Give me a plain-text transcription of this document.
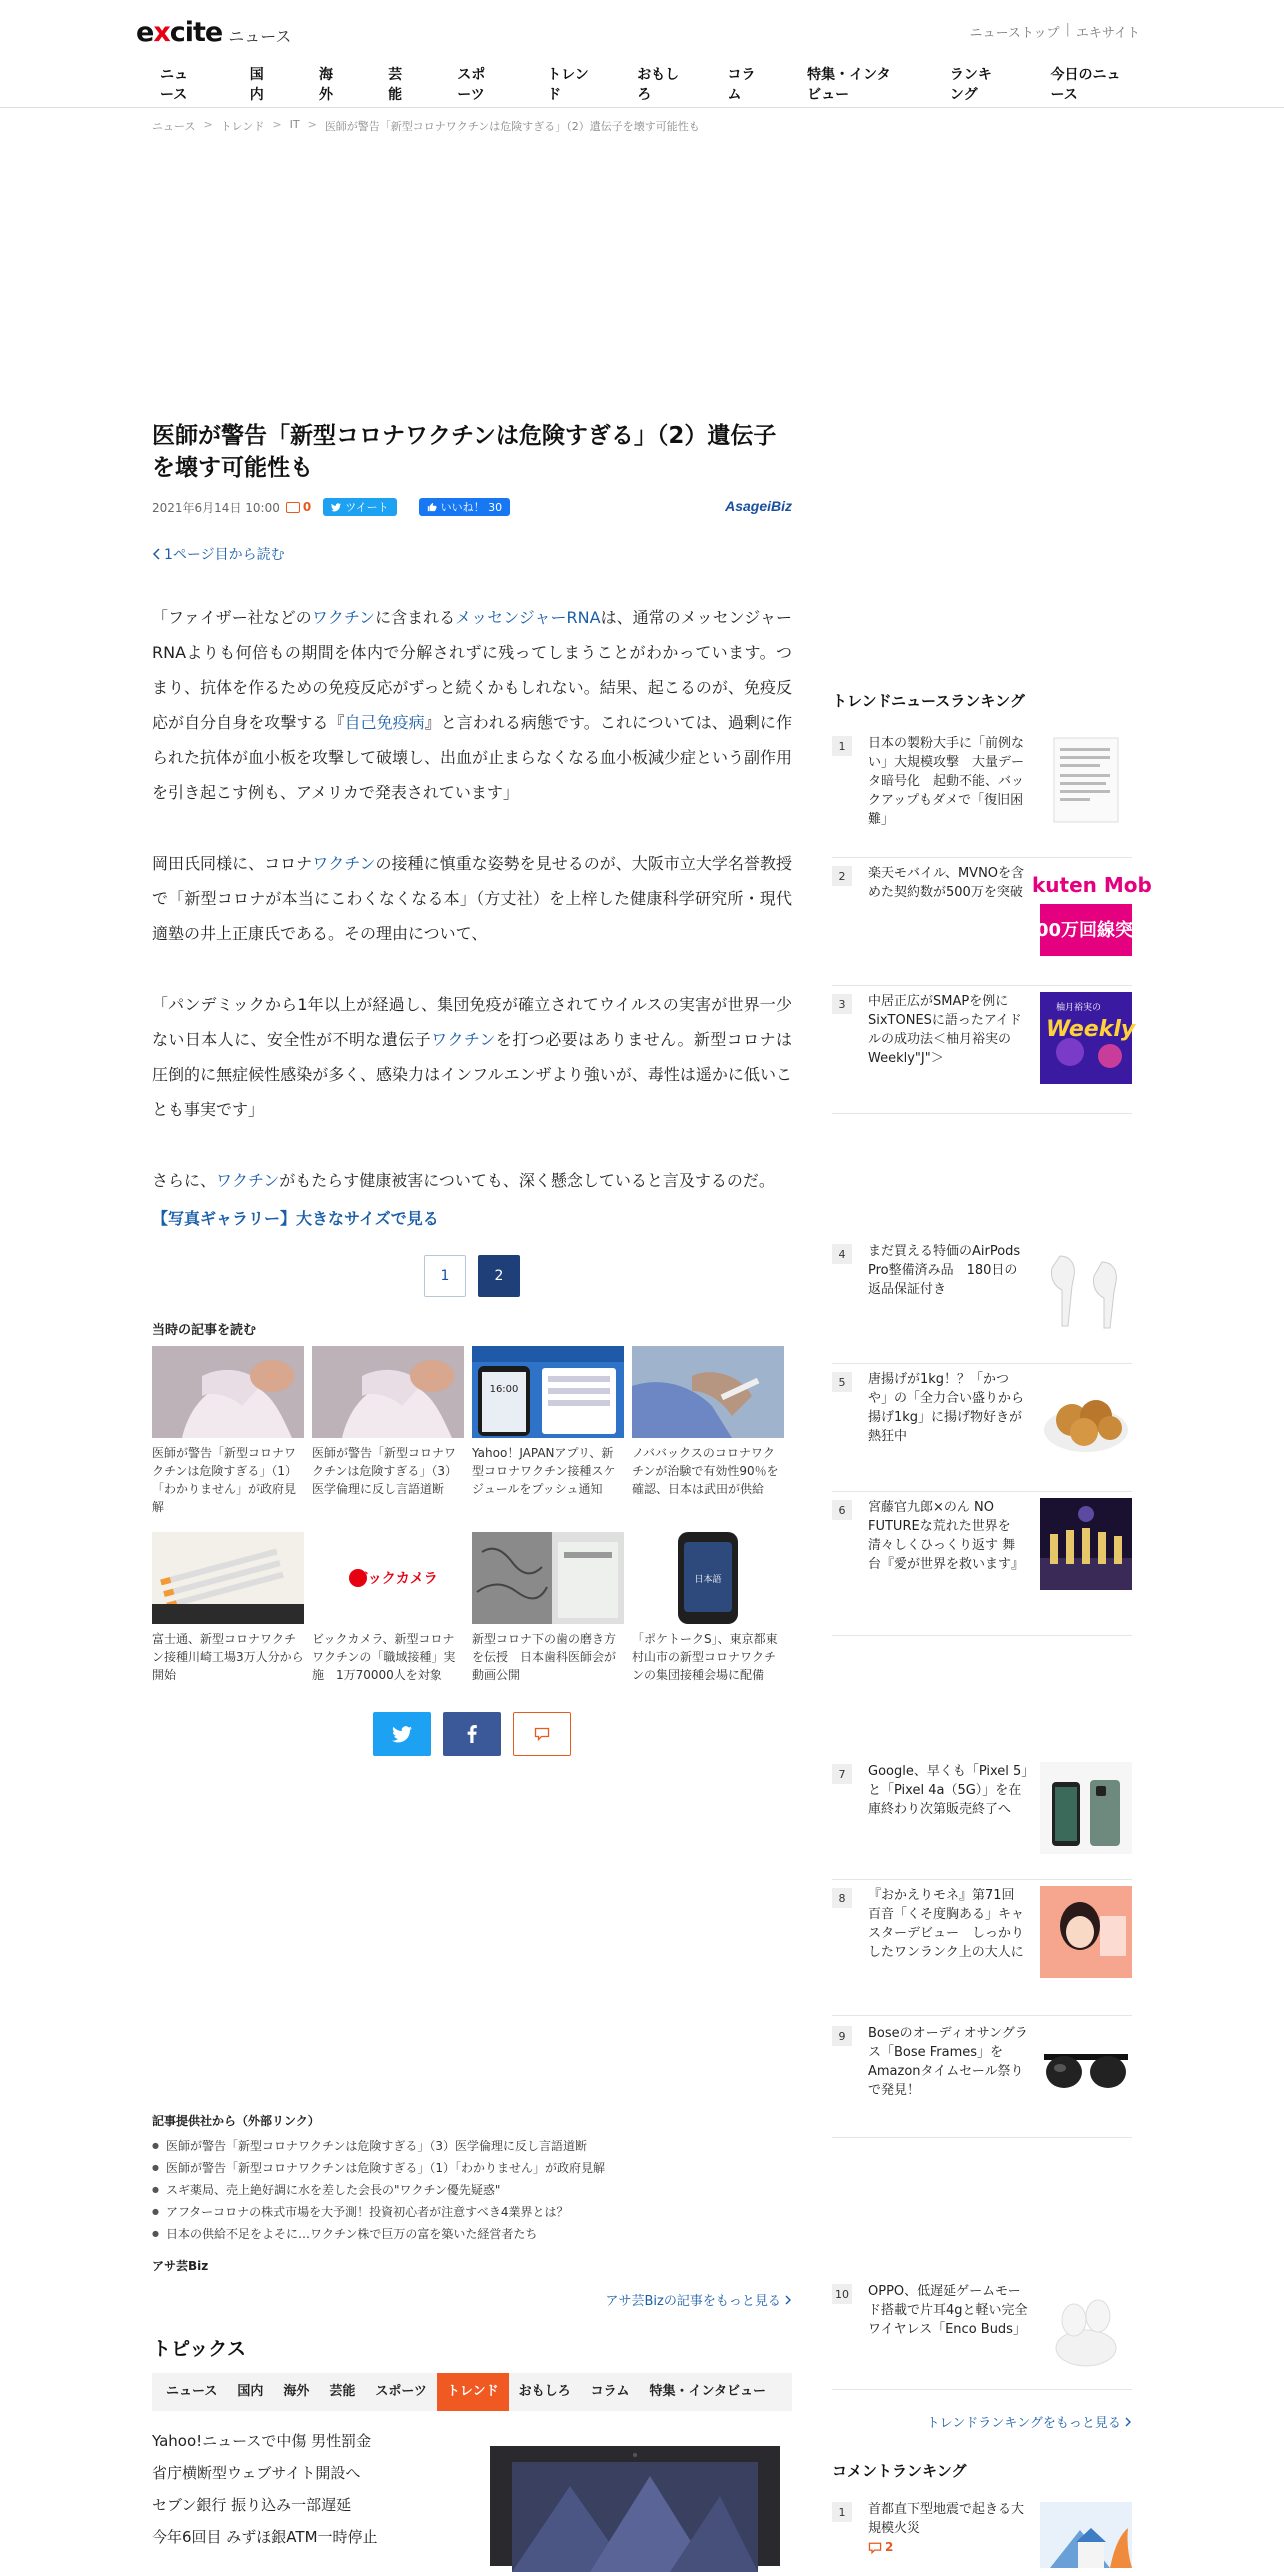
excite ニュース	ニューストップ | エキサイト
ニュース
国内
海外
芸能
スポーツ
トレンド
おもしろ
コラム
特集・インタビュー
ランキング
今日のニュース
ニュース > トレンド > IT > 医師が警告「新型コロナワクチンは危険すぎる」（2）遺伝子を壊す可能性も
医師が警告「新型コロナワクチンは危険すぎる」（2）遺伝子を壊す可能性も
2021年6月14日 10:00 0	ツイート	いいね！ 30	AsageiBiz
1ページ目から読む

「ファイザー社などのワクチンに含まれるメッセンジャーRNAは、通常のメッセンジャーRNAよりも何倍もの期間を体内で分解されずに残ってしまうことがわかっています。つまり、抗体を作るための免疫反応がずっと続くかもしれない。結果、起こるのが、免疫反応が自分自身を攻撃する『自己免疫病』と言われる病態です。これについては、過剰に作られた抗体が血小板を攻撃して破壊し、出血が止まらなくなる血小板減少症という副作用を引き起こす例も、アメリカで発表されています」

岡田氏同様に、コロナワクチンの接種に慎重な姿勢を見せるのが、大阪市立大学名誉教授で「新型コロナが本当にこわくなくなる本」（方丈社）を上梓した健康科学研究所・現代適塾の井上正康氏である。その理由について、

「パンデミックから1年以上が経過し、集団免疫が確立されてウイルスの実害が世界一少ない日本人に、安全性が不明な遺伝子ワクチンを打つ必要はありません。新型コロナは圧倒的に無症候性感染が多く、感染力はインフルエンザより強いが、毒性は遥かに低いことも事実です」

さらに、ワクチンがもたらす健康被害についても、深く懸念していると言及するのだ。

【写真ギャラリー】大きなサイズで見る
1	2
当時の記事を読む
医師が警告「新型コロナワクチンは危険すぎる」（1）「わかりません」が政府見解
医師が警告「新型コロナワクチンは危険すぎる」（3）医学倫理に反し言語道断
16:00
Yahoo！JAPANアプリ、新型コロナワクチン接種スケジュールをプッシュ通知
ノババックスのコロナワクチンが治験で有効性90％を確認、日本は武田が供給
富士通、新型コロナワクチン接種川崎工場3万人分から開始
ビックカメラ
ビックカメラ、新型コロナワクチンの「職域接種」実施　1万70000人を対象
新型コロナ下の歯の磨き方を伝授　日本歯科医師会が動画公開
日本語
「ポケトークS」、東京都東村山市の新型コロナワクチンの集団接種会場に配備
記事提供社から（外部リンク）
● 医師が警告「新型コロナワクチンは危険すぎる」（3）医学倫理に反し言語道断
● 医師が警告「新型コロナワクチンは危険すぎる」（1）「わかりません」が政府見解
● スギ薬局、売上絶好調に水を差した会長の"ワクチン優先疑惑"
● アフターコロナの株式市場を大予測！投資初心者が注意すべき4業界とは？
● 日本の供給不足をよそに…ワクチン株で巨万の富を築いた経営者たち
アサ芸Biz
アサ芸Bizの記事をもっと見る
トピックス
ニュース	国内	海外	芸能	スポーツ	トレンド	おもしろ	コラム	特集・インタビュー
Yahoo!ニュースで中傷 男性罰金
省庁横断型ウェブサイト開設へ
セブン銀行 振り込み一部遅延
今年6回目 みずほ銀ATM一時停止
トレンドニュースランキング
1	日本の製粉大手に「前例ない」大規模攻撃　大量データ暗号化　起動不能、バックアップもダメで「復旧困難」
2	楽天モバイル、MVNOを含めた契約数が500万を突破 kuten Mob
00万回線突破
3	中居正広がSMAPを例にSixTONESに語ったアイドルの成功法＜柚月裕実のWeekly"J"＞
柚月裕実の
Weekly
4	まだ買える特価のAirPods Pro整備済み品　180日の返品保証付き
5	唐揚げが1kg！？「かつや」の「全力合い盛りから揚げ1kg」に揚げ物好きが熱狂中
6	宮藤官九郎×のん NO FUTUREな荒れた世界を清々しくひっくり返す 舞台『愛が世界を救います』
7	Google、早くも「Pixel 5」と「Pixel 4a（5G）」を在庫終わり次第販売終了へ
8	『おかえりモネ』第71回　百音「くそ度胸ある」キャスターデビュー　しっかりしたワンランク上の大人に
9	Boseのオーディオサングラス「Bose Frames」をAmazonタイムセール祭りで発見！
10 OPPO、低遅延ゲームモード搭載で片耳4gと軽い完全ワイヤレス「Enco Buds」
トレンドランキングをもっと見る
コメントランキング
1	首都直下型地震で起きる大規模火災
2
